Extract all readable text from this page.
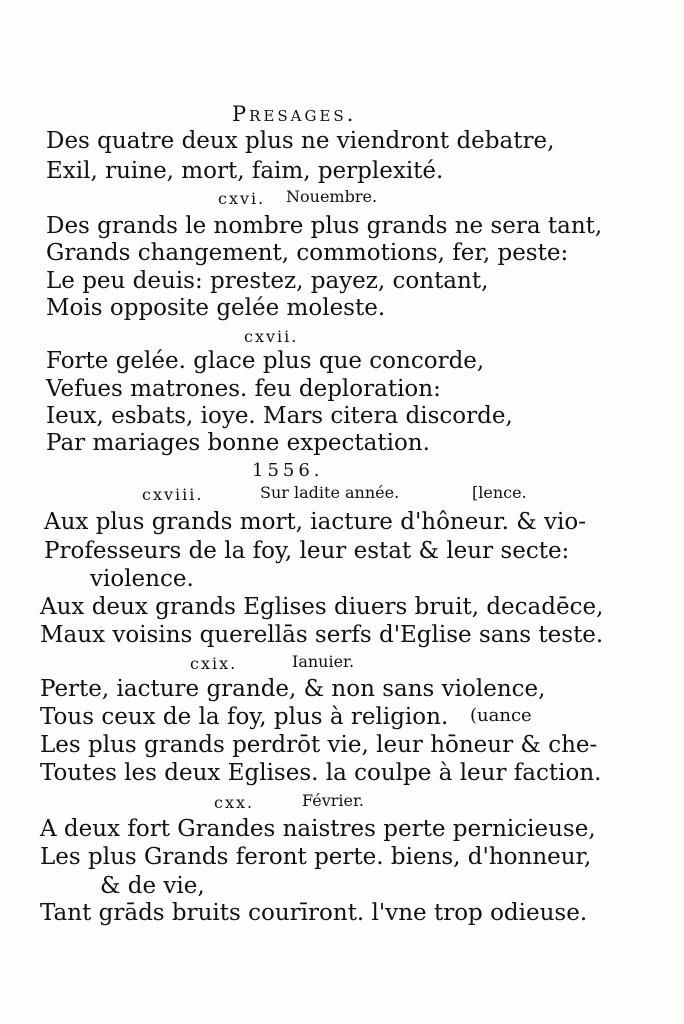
Presages.
Des quatre deux plus ne viendront debatre,
Exil, ruine, mort, faim, perplexité.
cxvi. Nouembre.
Des grands le nombre plus grands ne sera tant,
Grands changement, commotions, fer, peste:
Le peu deuis: prestez, payez, contant,
Mois opposite gelée moleste.
cxvii.
Forte gelée. glace plus que concorde,
Vefues matrones. feu deploration:
Ieux, esbats, ioye. Mars citera discorde,
Par mariages bonne expectation.
1556.
cxviii.	Sur ladite année.	[lence.
Aux plus grands mort, iacture d'hôneur. & vio-
Professeurs de la foy, leur estat & leur secte:
violence.
Aux deux grands Eglises diuers bruit, decadēce,
Maux voisins querellās serfs d'Eglise sans teste.
cxix.	Ianuier.
Perte, iacture grande, & non sans violence,
Tous ceux de la foy, plus à religion. (uance
Les plus grands perdrōt vie, leur hōneur & che-
Toutes les deux Eglises. la coulpe à leur faction.
cxx.	Février.
A deux fort Grandes naistres perte pernicieuse,
Les plus Grands feront perte. biens, d'honneur,
& de vie,
Tant grāds bruits courīront. l'vne trop odieuse.
